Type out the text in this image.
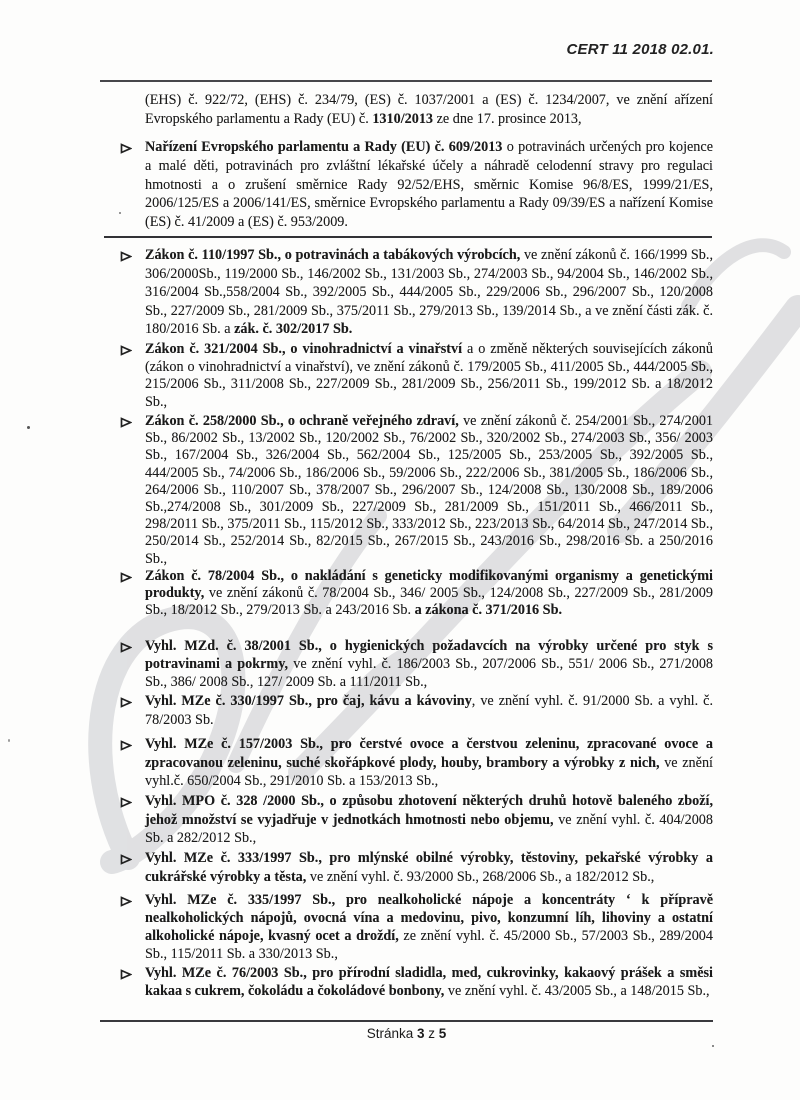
CERT 11 2018 02.01.
(EHS) č. 922/72, (EHS) č. 234/79, (ES) č. 1037/2001 a (ES) č. 1234/2007, ve znění ařízení Evropského parlamentu a Rady (EU) č. 1310/2013 ze dne 17. prosince 2013,
Nařízení Evropského parlamentu a Rady (EU) č. 609/2013 o potravinách určených pro kojence a malé děti, potravinách pro zvláštní lékařské účely a náhradě celodenní stravy pro regulaci hmotnosti a o zrušení směrnice Rady 92/52/EHS, směrnic Komise 96/8/ES, 1999/21/ES, 2006/125/ES a 2006/141/ES, směrnice Evropského parlamentu a Rady 09/39/ES a nařízení Komise (ES) č. 41/2009 a (ES) č. 953/2009.
Zákon č. 110/1997 Sb., o potravinách a tabákových výrobcích, ve znění zákonů č. 166/1999 Sb., 306/2000Sb., 119/2000 Sb., 146/2002 Sb., 131/2003 Sb., 274/2003 Sb., 94/2004 Sb., 146/2002 Sb., 316/2004 Sb.,558/2004 Sb., 392/2005 Sb., 444/2005 Sb., 229/2006 Sb., 296/2007 Sb., 120/2008 Sb., 227/2009 Sb., 281/2009 Sb., 375/2011 Sb., 279/2013 Sb., 139/2014 Sb., a ve znění části zák. č. 180/2016 Sb. a zák. č. 302/2017 Sb.
Zákon č. 321/2004 Sb., o vinohradnictví a vinařství a o změně některých souvisejících zákonů (zákon o vinohradnictví a vinařství), ve znění zákonů č. 179/2005 Sb., 411/2005 Sb., 444/2005 Sb., 215/2006 Sb., 311/2008 Sb., 227/2009 Sb., 281/2009 Sb., 256/2011 Sb., 199/2012 Sb. a 18/2012 Sb.,
Zákon č. 258/2000 Sb., o ochraně veřejného zdraví, ve znění zákonů č. 254/2001 Sb., 274/2001 Sb., 86/2002 Sb., 13/2002 Sb., 120/2002 Sb., 76/2002 Sb., 320/2002 Sb., 274/2003 Sb., 356/ 2003 Sb., 167/2004 Sb., 326/2004 Sb., 562/2004 Sb., 125/2005 Sb., 253/2005 Sb., 392/2005 Sb., 444/2005 Sb., 74/2006 Sb., 186/2006 Sb., 59/2006 Sb., 222/2006 Sb., 381/2005 Sb., 186/2006 Sb., 264/2006 Sb., 110/2007 Sb., 378/2007 Sb., 296/2007 Sb., 124/2008 Sb., 130/2008 Sb., 189/2006 Sb.,274/2008 Sb., 301/2009 Sb., 227/2009 Sb., 281/2009 Sb., 151/2011 Sb., 466/2011 Sb., 298/2011 Sb., 375/2011 Sb., 115/2012 Sb., 333/2012 Sb., 223/2013 Sb., 64/2014 Sb., 247/2014 Sb., 250/2014 Sb., 252/2014 Sb., 82/2015 Sb., 267/2015 Sb., 243/2016 Sb., 298/2016 Sb. a 250/2016 Sb.,
Zákon č. 78/2004 Sb., o nakládání s geneticky modifikovanými organismy a genetickými produkty, ve znění zákonů č. 78/2004 Sb., 346/ 2005 Sb., 124/2008 Sb., 227/2009 Sb., 281/2009 Sb., 18/2012 Sb., 279/2013 Sb. a 243/2016 Sb. a zákona č. 371/2016 Sb.
Vyhl. MZd. č. 38/2001 Sb., o hygienických požadavcích na výrobky určené pro styk s potravinami a pokrmy, ve znění vyhl. č. 186/2003 Sb., 207/2006 Sb., 551/ 2006 Sb., 271/2008 Sb., 386/ 2008 Sb., 127/ 2009 Sb. a 111/2011 Sb.,
Vyhl. MZe č. 330/1997 Sb., pro čaj, kávu a kávoviny, ve znění vyhl. č. 91/2000 Sb. a vyhl. č. 78/2003 Sb.
Vyhl. MZe č. 157/2003 Sb., pro čerstvé ovoce a čerstvou zeleninu, zpracované ovoce a zpracovanou zeleninu, suché skořápkové plody, houby, brambory a výrobky z nich, ve znění vyhl.č. 650/2004 Sb., 291/2010 Sb. a 153/2013 Sb.,
Vyhl. MPO č. 328 /2000 Sb., o způsobu zhotovení některých druhů hotově baleného zboží, jehož množství se vyjadřuje v jednotkách hmotnosti nebo objemu, ve znění vyhl. č. 404/2008 Sb. a 282/2012 Sb.,
Vyhl. MZe č. 333/1997 Sb., pro mlýnské obilné výrobky, těstoviny, pekařské výrobky a cukrářské výrobky a těsta, ve znění vyhl. č. 93/2000 Sb., 268/2006 Sb., a 182/2012 Sb.,
Vyhl. MZe č. 335/1997 Sb., pro nealkoholické nápoje a koncentráty ʻ k přípravě nealkoholických nápojů, ovocná vína a medovinu, pivo, konzumní líh, lihoviny a ostatní alkoholické nápoje, kvasný ocet a droždí, ze znění vyhl. č. 45/2000 Sb., 57/2003 Sb., 289/2004 Sb., 115/2011 Sb. a 330/2013 Sb.,
Vyhl. MZe č. 76/2003 Sb., pro přírodní sladidla, med, cukrovinky, kakaový prášek a směsi kakaa s cukrem, čokoládu a čokoládové bonbony, ve znění vyhl. č. 43/2005 Sb., a 148/2015 Sb.,
Stránka 3 z 5
